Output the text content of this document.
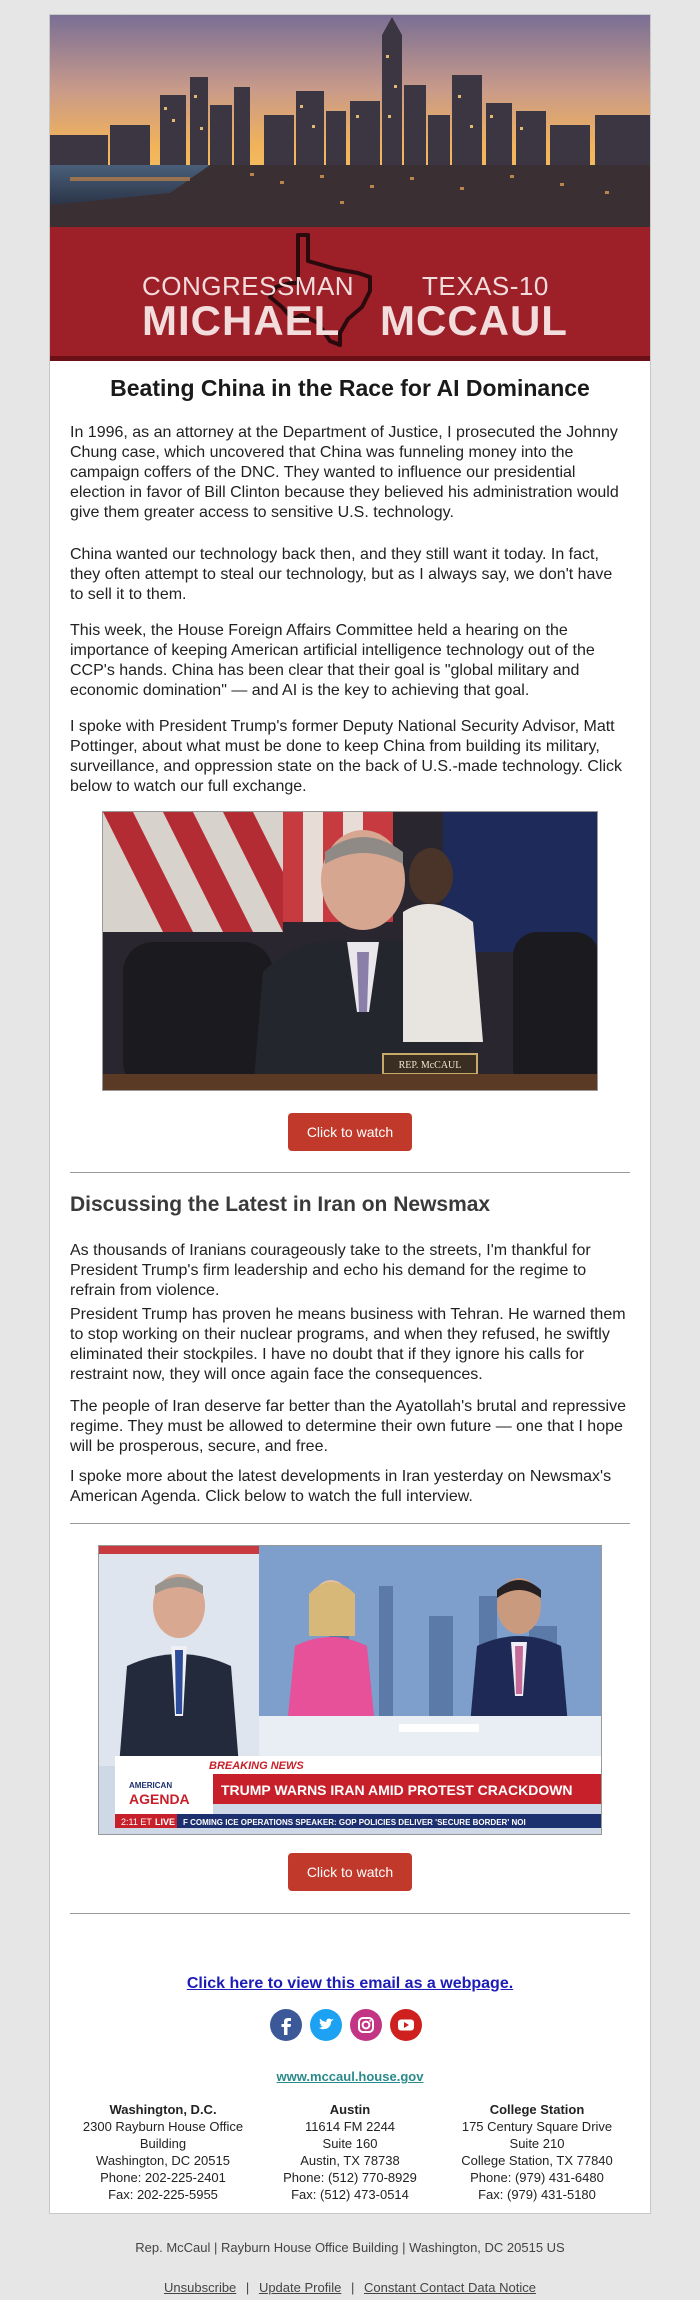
CONGRESSMAN	TEXAS-10
MICHAEL MCCAUL
Beating China in the Race for AI Dominance
In 1996, as an attorney at the Department of Justice, I prosecuted the Johnny Chung case, which uncovered that China was funneling money into the campaign coffers of the DNC. They wanted to influence our presidential election in favor of Bill Clinton because they believed his administration would give them greater access to sensitive U.S. technology.
China wanted our technology back then, and they still want it today. In fact, they often attempt to steal our technology, but as I always say, we don't have to sell it to them.
This week, the House Foreign Affairs Committee held a hearing on the importance of keeping American artificial intelligence technology out of the CCP's hands. China has been clear that their goal is "global military and economic domination" — and AI is the key to achieving that goal.
I spoke with President Trump's former Deputy National Security Advisor, Matt Pottinger, about what must be done to keep China from building its military, surveillance, and oppression state on the back of U.S.-made technology. Click below to watch our full exchange.
REP. McCAUL
Click to watch
Discussing the Latest in Iran on Newsmax
As thousands of Iranians courageously take to the streets, I'm thankful for President Trump's firm leadership and echo his demand for the regime to refrain from violence.
President Trump has proven he means business with Tehran. He warned them to stop working on their nuclear programs, and when they refused, he swiftly eliminated their stockpiles. I have no doubt that if they ignore his calls for restraint now, they will once again face the consequences.
The people of Iran deserve far better than the Ayatollah's brutal and repressive regime. They must be allowed to determine their own future — one that I hope will be prosperous, secure, and free.
I spoke more about the latest developments in Iran yesterday on Newsmax's American Agenda. Click below to watch the full interview.
BREAKING NEWS
AMERICAN
AGENDA
TRUMP WARNS IRAN AMID PROTEST CRACKDOWN
2:11 ET LIVE F COMING ICE OPERATIONS SPEAKER: GOP POLICIES DELIVER 'SECURE BORDER' NOI
Click to watch
Click here to view this email as a webpage.
www.mccaul.house.gov
Washington, D.C.
2300 Rayburn House Office
Building
Washington, DC 20515
Phone: 202-225-2401
Fax: 202-225-5955
Austin
11614 FM 2244
Suite 160
Austin, TX 78738
Phone: (512) 770-8929
Fax: (512) 473-0514
College Station
175 Century Square Drive
Suite 210
College Station, TX 77840
Phone: (979) 431-6480
Fax: (979) 431-5180
Rep. McCaul | Rayburn House Office Building | Washington, DC 20515 US
Unsubscribe | Update Profile | Constant Contact Data Notice
